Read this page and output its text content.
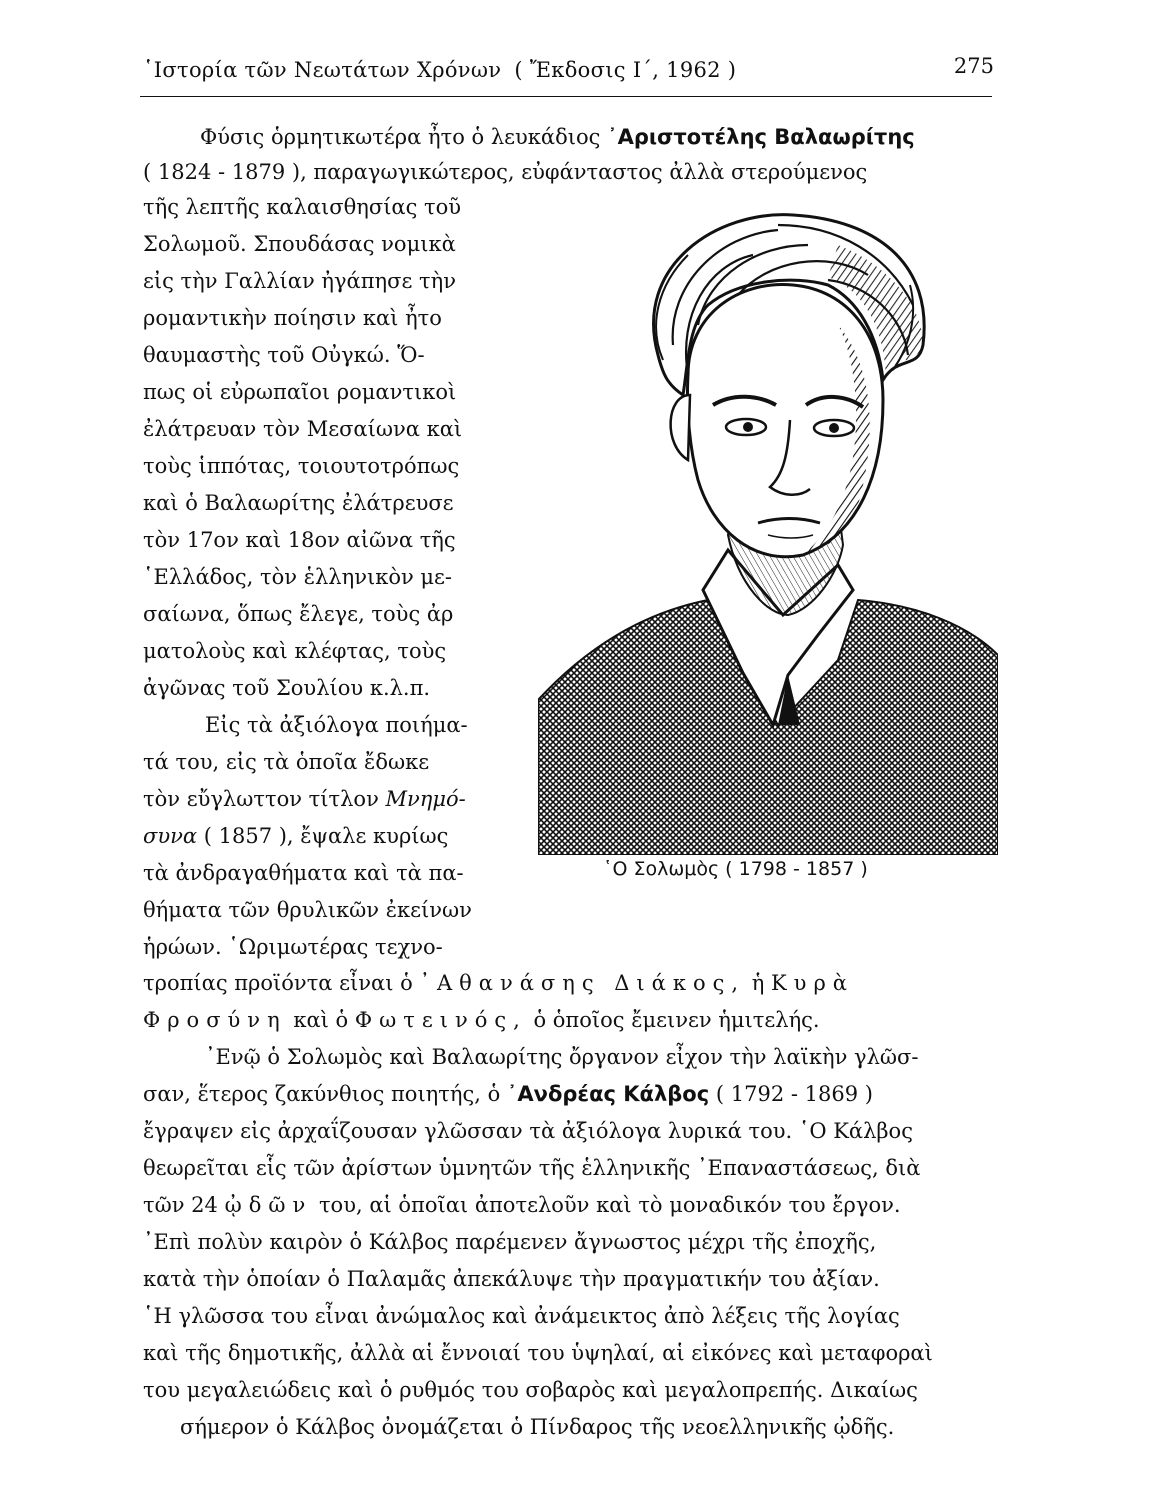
῾Ιστορία τῶν Νεωτάτων Χρόνων ( Ἔκδοσις Ι΄, 1962 )	275
Φύσις ὁρμητικωτέρα ἦτο ὁ λευκάδιος ᾿Αριστοτέλης Βαλαωρίτης
( 1824 - 1879 ), παραγωγικώτερος, εὐφάνταστος ἀλλὰ στερούμενος
τῆς λεπτῆς καλαισθησίας τοῦ
Σολωμοῦ. Σπουδάσας νομικὰ
εἰς τὴν Γαλλίαν ἠγάπησε τὴν
ρομαντικὴν ποίησιν καὶ ἦτο
θαυμαστὴς τοῦ Οὐγκώ. Ὅ-
πως οἱ εὐρωπαῖοι ρομαντικοὶ
ἐλάτρευαν τὸν Μεσαίωνα καὶ
τοὺς ἱππότας, τοιουτοτρόπως
καὶ ὁ Βαλαωρίτης ἐλάτρευσε
τὸν 17ον καὶ 18ον αἰῶνα τῆς
῾Ελλάδος, τὸν ἑλληνικὸν με-
σαίωνα, ὅπως ἔλεγε, τοὺς ἀρ
ματολοὺς καὶ κλέφτας, τοὺς
ἀγῶνας τοῦ Σουλίου κ.λ.π.
Εἰς τὰ ἀξιόλογα ποιήμα-
τά του, εἰς τὰ ὁποῖα ἔδωκε
τὸν εὔγλωττον τίτλον Μνημό-
συνα ( 1857 ), ἔψαλε κυρίως
τὰ ἀνδραγαθήματα καὶ τὰ πα-
θήματα τῶν θρυλικῶν ἐκείνων
ἡρώων. ῾Ωριμωτέρας τεχνο-
τροπίας προϊόντα εἶναι ὁ ᾿Αθανάσης Διάκος, ἡ Κυρὰ
Φροσύνη καὶ ὁ Φωτεινός, ὁ ὁποῖος ἔμεινεν ἡμιτελής.
᾿Ενῷ ὁ Σολωμὸς καὶ Βαλαωρίτης ὄργανον εἶχον τὴν λαϊκὴν γλῶσ-
σαν, ἕτερος ζακύνθιος ποιητής, ὁ ᾿Ανδρέας Κάλβος ( 1792 - 1869 )
ἔγραψεν εἰς ἀρχαΐζουσαν γλῶσσαν τὰ ἀξιόλογα λυρικά του. ῾Ο Κάλβος
θεωρεῖται εἷς τῶν ἀρίστων ὑμνητῶν τῆς ἑλληνικῆς ᾿Επαναστάσεως, διὰ
τῶν 24 ᾠδῶν του, αἱ ὁποῖαι ἀποτελοῦν καὶ τὸ μοναδικόν του ἔργον.
᾿Επὶ πολὺν καιρὸν ὁ Κάλβος παρέμενεν ἄγνωστος μέχρι τῆς ἐποχῆς,
κατὰ τὴν ὁποίαν ὁ Παλαμᾶς ἀπεκάλυψε τὴν πραγματικήν του ἀξίαν.
῾Η γλῶσσα του εἶναι ἀνώμαλος καὶ ἀνάμεικτος ἀπὸ λέξεις τῆς λογίας
καὶ τῆς δημοτικῆς, ἀλλὰ αἱ ἔννοιαί του ὑψηλαί, αἱ εἰκόνες καὶ μεταφοραὶ
του μεγαλειώδεις καὶ ὁ ρυθμός του σοβαρὸς καὶ μεγαλοπρεπής. Δικαίως
σήμερον ὁ Κάλβος ὀνομάζεται ὁ Πίνδαρος τῆς νεοελληνικῆς ᾠδῆς.
῾Ο Σολωμὸς ( 1798 - 1857 )
